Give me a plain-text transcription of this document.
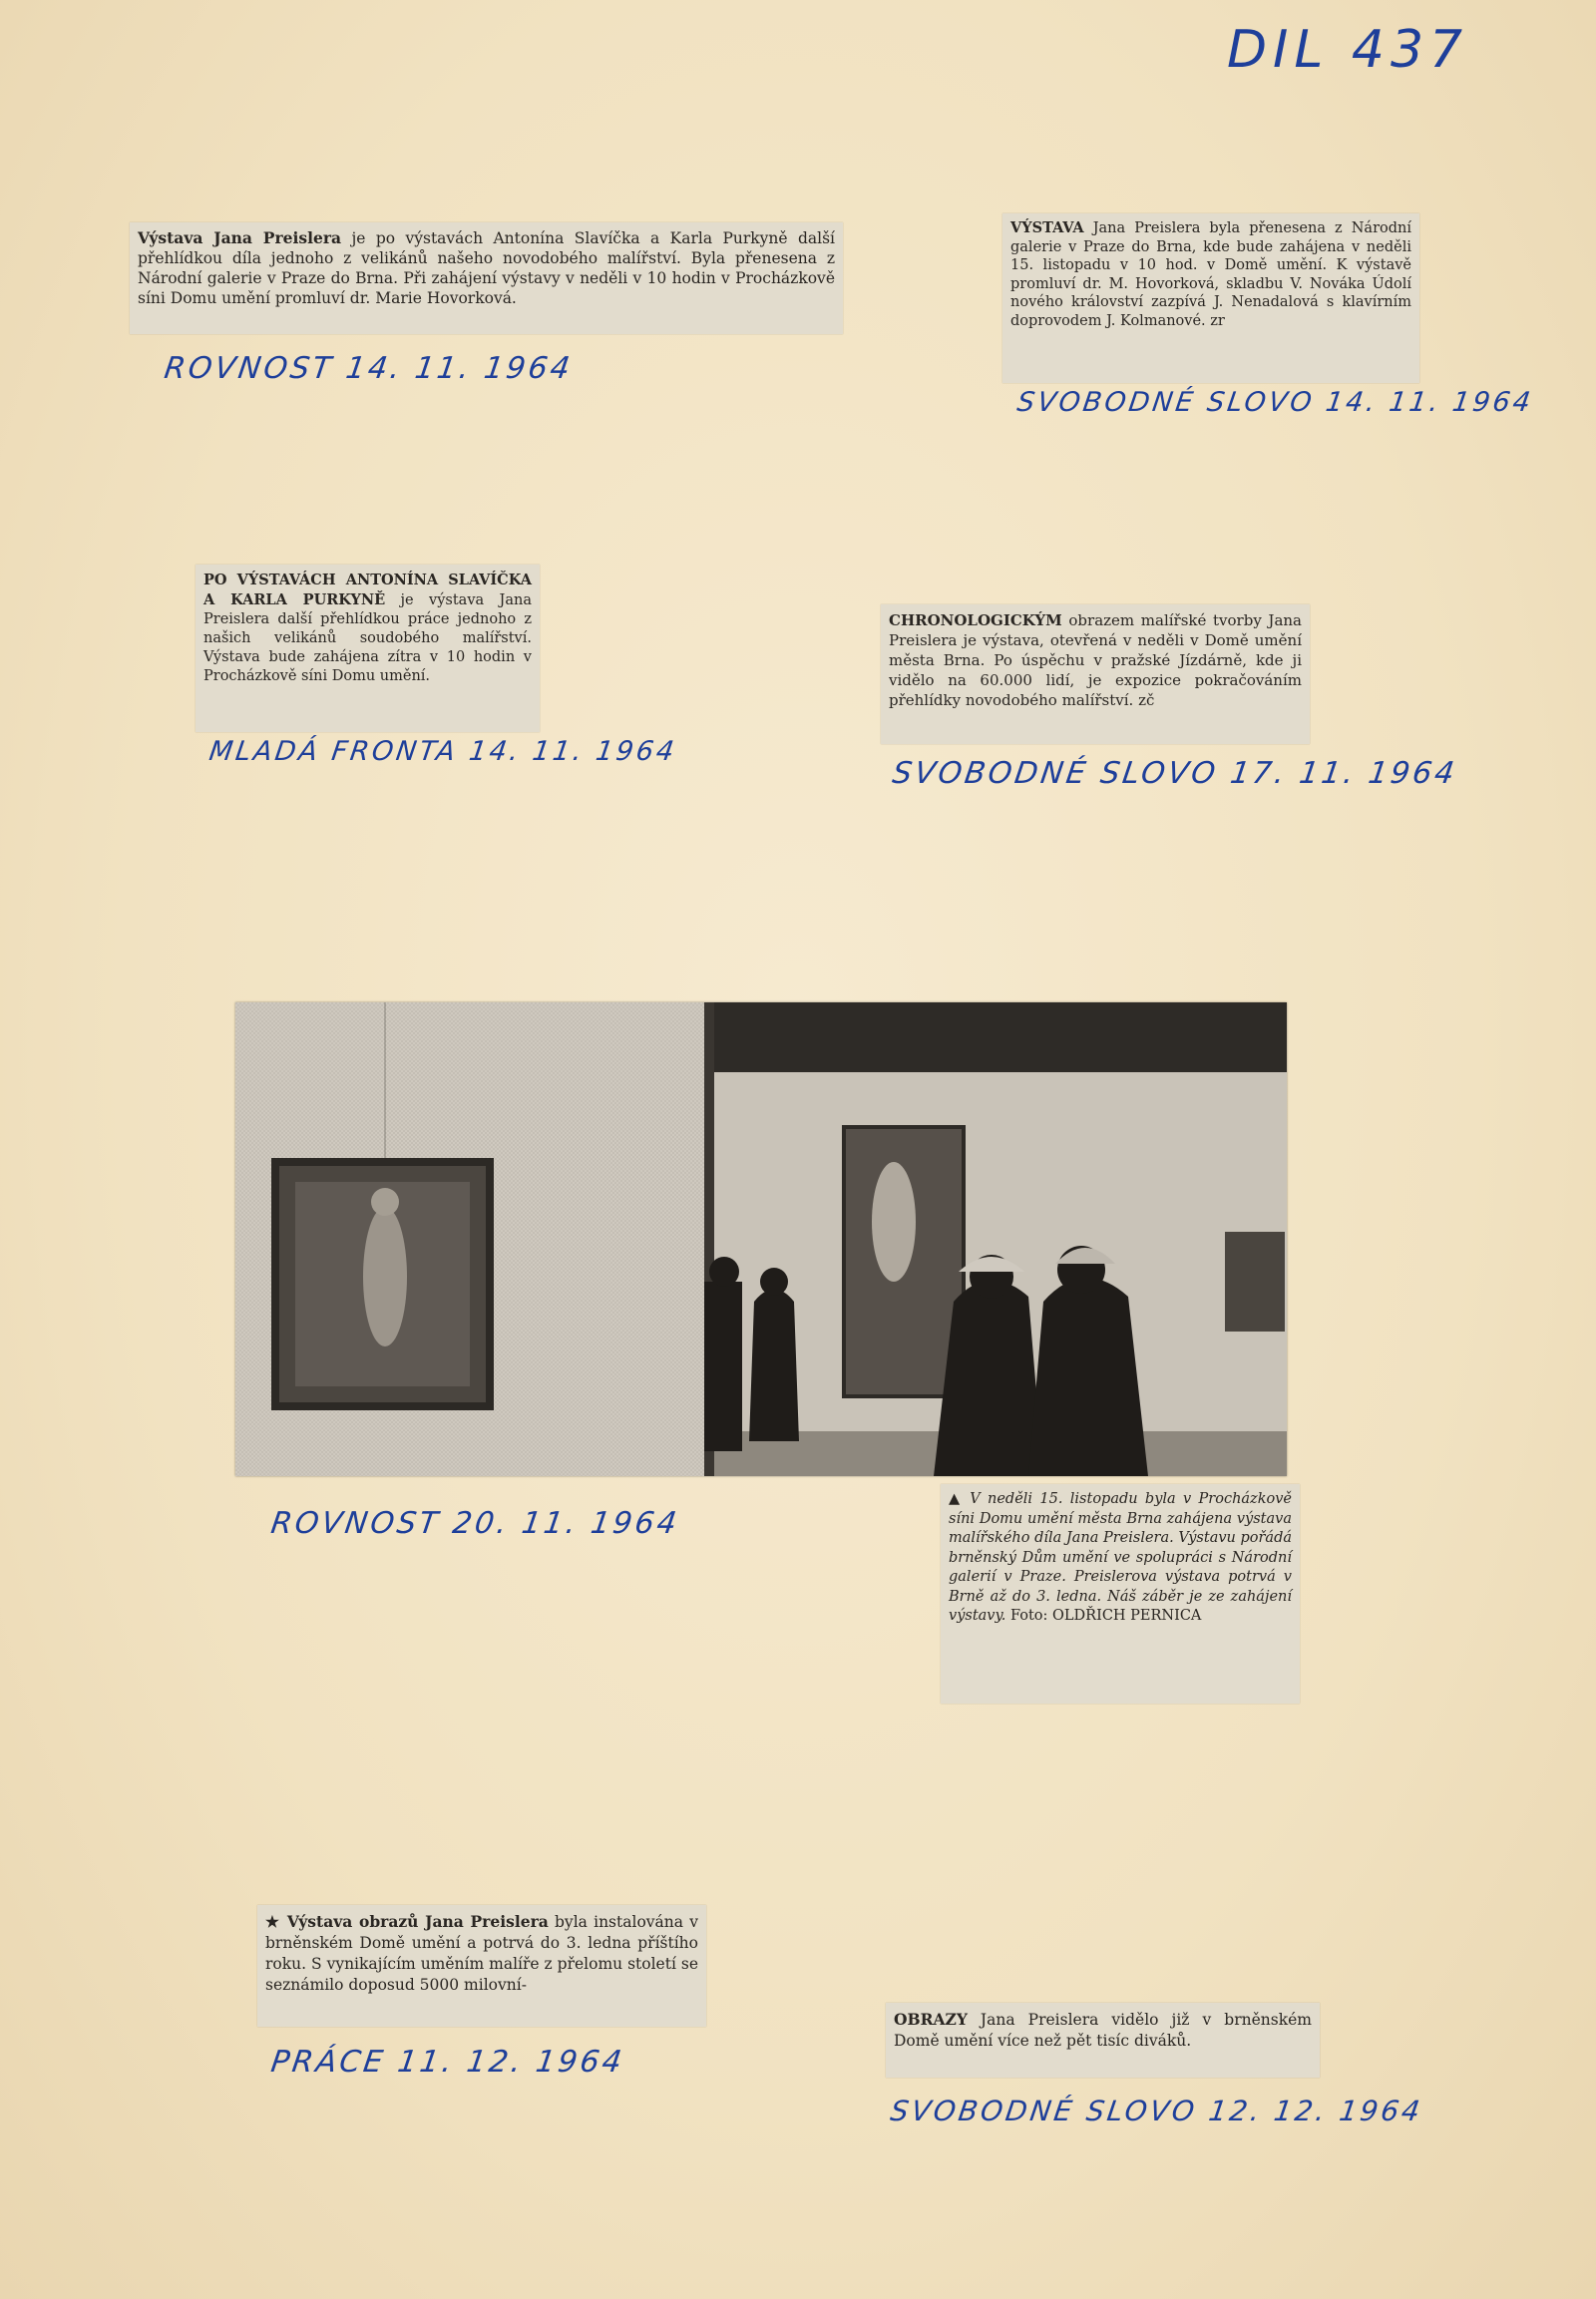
DIL 437
Výstava Jana Preislera je po výstavách Antonína Slavíčka a Karla Purkyně další přehlídkou díla jednoho z velikánů našeho novodobého malířství. Byla přenesena z Národní galerie v Praze do Brna. Při zahájení výstavy v neděli v 10 hodin v Procházkově síni Domu umění promluví dr. Marie Hovorková.
ROVNOST 14. 11. 1964
VÝSTAVA Jana Preislera byla přenesena z Národní galerie v Praze do Brna, kde bude zahájena v neděli 15. listopadu v 10 hod. v Domě umění. K výstavě promluví dr. M. Hovorková, skladbu V. Nováka Údolí nového království zazpívá J. Nenadalová s klavírním doprovodem J. Kolmanové. zr
SVOBODNÉ SLOVO 14. 11. 1964
PO VÝSTAVÁCH ANTONÍNA SLAVÍČKA A KARLA PURKYNĚ je výstava Jana Preislera další přehlídkou práce jednoho z našich velikánů soudobého malířství. Výstava bude zahájena zítra v 10 hodin v Procházkově síni Domu umění.
MLADÁ FRONTA 14. 11. 1964
CHRONOLOGICKÝM obrazem malířské tvorby Jana Preislera je výstava, otevřená v neděli v Domě umění města Brna. Po úspěchu v pražské Jízdárně, kde ji vidělo na 60.000 lidí, je expozice pokračováním přehlídky novodobého malířství. zč
SVOBODNÉ SLOVO 17. 11. 1964
ROVNOST 20. 11. 1964
▲ V neděli 15. listopadu byla v Procházkově síni Domu umění města Brna zahájena výstava malířského díla Jana Preislera. Výstavu pořádá brněnský Dům umění ve spolupráci s Národní galerií v Praze. Preislerova výstava potrvá v Brně až do 3. ledna. Náš záběr je ze zahájení výstavy. Foto: OLDŘICH PERNICA
★ Výstava obrazů Jana Preislera byla instalována v brněnském Domě umění a potrvá do 3. ledna příštího roku. S vynikajícím uměním malíře z přelomu století se seznámilo doposud 5000 milovní-
PRÁCE 11. 12. 1964
OBRAZY Jana Preislera vidělo již v brněnském Domě umění více než pět tisíc diváků.
SVOBODNÉ SLOVO 12. 12. 1964
